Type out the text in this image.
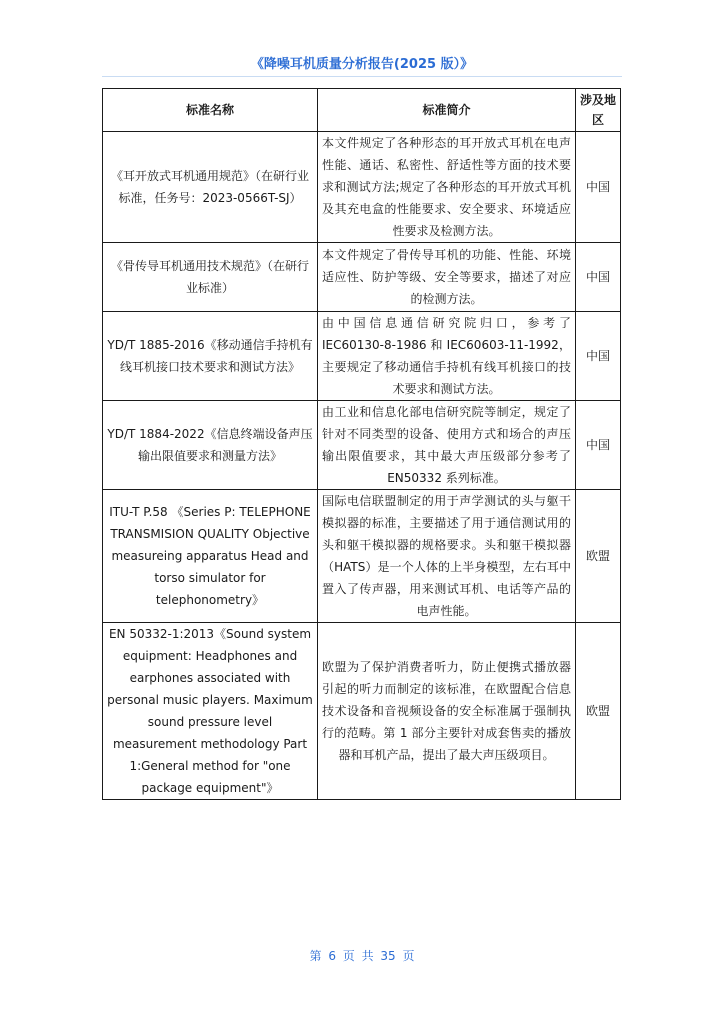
《降噪耳机质量分析报告(2025 版）》
标准名称	标准简介	涉及地区
《耳开放式耳机通用规范》（在研行业标准，任务号：2023-0566T-SJ）	本文件规定了各种形态的耳开放式耳机在电声性能、通话、私密性、舒适性等方面的技术要求和测试方法;规定了各种形态的耳开放式耳机及其充电盒的性能要求、安全要求、环境适应性要求及检测方法。	中国
《骨传导耳机通用技术规范》（在研行业标准）	本文件规定了骨传导耳机的功能、性能、环境适应性、防护等级、安全等要求，描述了对应的检测方法。	中国
YD/T 1885-2016《移动通信手持机有线耳机接口技术要求和测试方法》	由中国信息通信研究院归口，参考了IEC60130-8-1986 和 IEC60603-11-1992，主要规定了移动通信手持机有线耳机接口的技术要求和测试方法。	中国
YD/T 1884-2022《信息终端设备声压输出限值要求和测量方法》	由工业和信息化部电信研究院等制定，规定了针对不同类型的设备、使用方式和场合的声压输出限值要求，其中最大声压级部分参考了 EN50332 系列标准。	中国
ITU-T P.58 《Series P: TELEPHONE TRANSMISION QUALITY Objective measureing apparatus Head and torso simulator for telephonometry》	国际电信联盟制定的用于声学测试的头与躯干模拟器的标准，主要描述了用于通信测试用的头和躯干模拟器的规格要求。头和躯干模拟器（HATS）是一个人体的上半身模型，左右耳中置入了传声器，用来测试耳机、电话等产品的电声性能。	欧盟
EN 50332-1:2013《Sound system equipment: Headphones and earphones associated with personal music players. Maximum sound pressure level measurement methodology Part 1:General method for "one package equipment"》	欧盟为了保护消费者听力，防止便携式播放器引起的听力而制定的该标准，在欧盟配合信息技术设备和音视频设备的安全标准属于强制执行的范畴。第 1 部分主要针对成套售卖的播放器和耳机产品，提出了最大声压级项目。	欧盟
第 6 页 共 35 页
